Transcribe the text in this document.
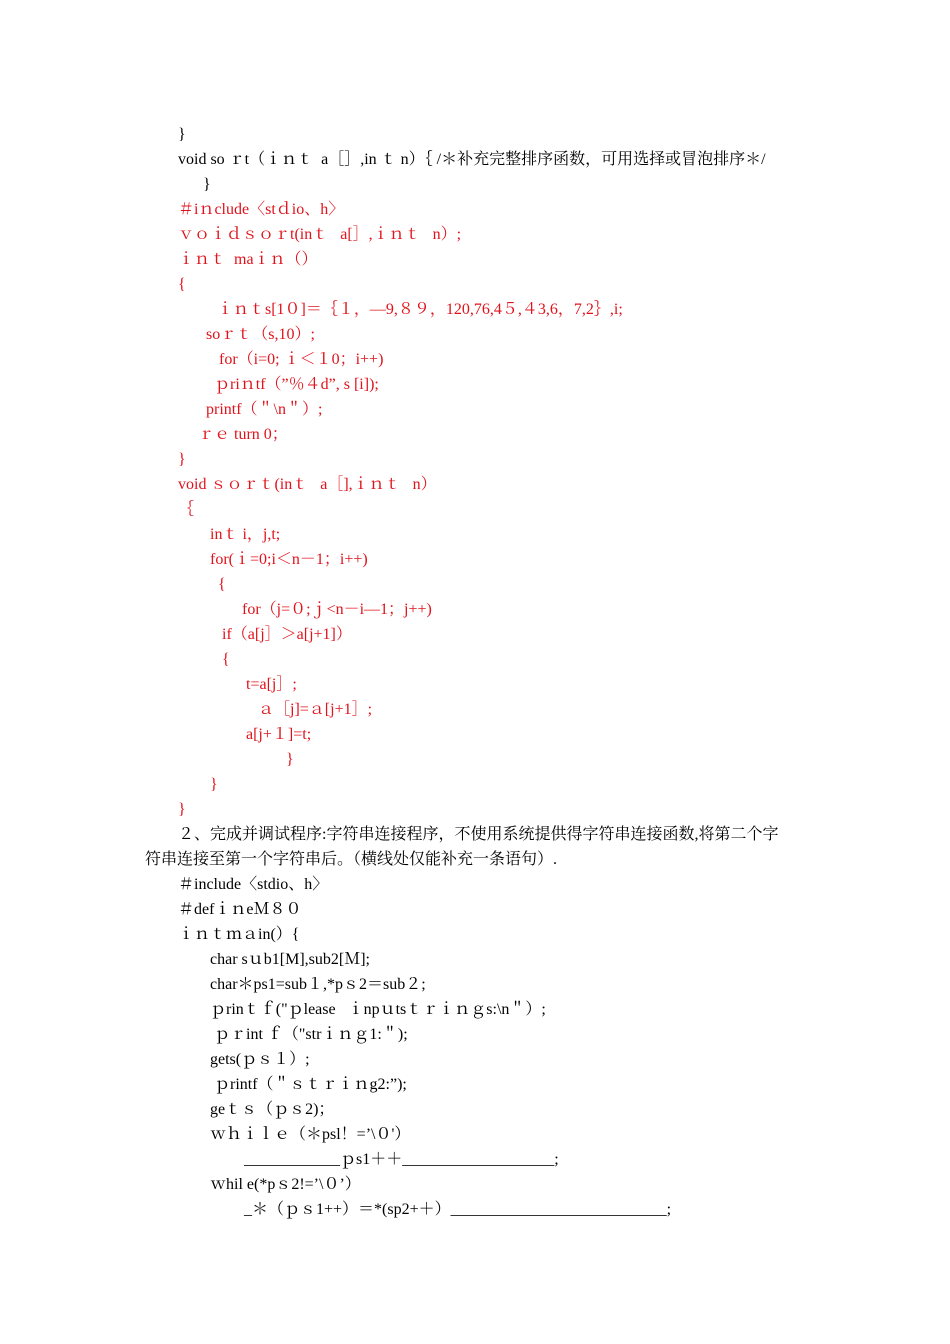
}
void so ｒt（ｉｎｔ  a［］,in ｔ n）｛ /＊补充完整排序函数，可用选择或冒泡排序＊/
}
＃iｎclude〈stｄio、h〉
ｖｏｉｄｓｏｒt(inｔ   a[］,ｉｎｔ   n）;
ｉｎｔ  maｉｎ（）
{
ｉｎｔs[1０]＝｛１，—9,８９，120,76,4５,４3,6，7,2｝,i;
soｒｔ（s,10）;
for（i=0; ｉ＜１0；i++)
ｐriｎtf（”％４d”, s [i]);
printf（＂\n＂）;
ｒｅ turn 0；
}
void ｓｏｒｔ(inｔ   a［],ｉｎｔ   n）
｛
inｔ i，j,t;
for(ｉ=0;i＜n－1；i++)
{
		for（j=０;ｊ<n－i—1；j++)
	if（a[j］＞a[j+1]）
	{
		t=a[j］;
	ａ［j]=ａ[j+1］;
		a[j+１]=t;
}
}
}
２、完成并调试程序:字符串连接程序，不使用系统提供得字符串连接函数,将第二个字
符串连接至第一个字符串后。（横线处仅能补充一条语句）.
＃include〈stdio、h〉
＃defｉｎeＭ８０
ｉｎｔｍａin(）{
char sｕb1[M],sub2[Ｍ];
	char＊ps1=sub１,*pｓ2＝sub２;
	ｐrinｔｆ("ｐlease   ｉnpｕtsｔｒｉｎｇs:\n＂）;
ｐｒint ｆ（"strｉｎｇ1:＂);
	gets(ｐｓ１）;
ｐrintf（＂ｓｔｒｉｎg2:”);
	geｔｓ（ｐｓ2)；
	ｗｈｉｌｅ（＊psl！=’\０'）
____________ｐs1＋＋___________________;
	ｗhil e(*pｓ2!=’\０’）
_＊（ｐｓ1++）＝*(sp2+＋）___________________________;
